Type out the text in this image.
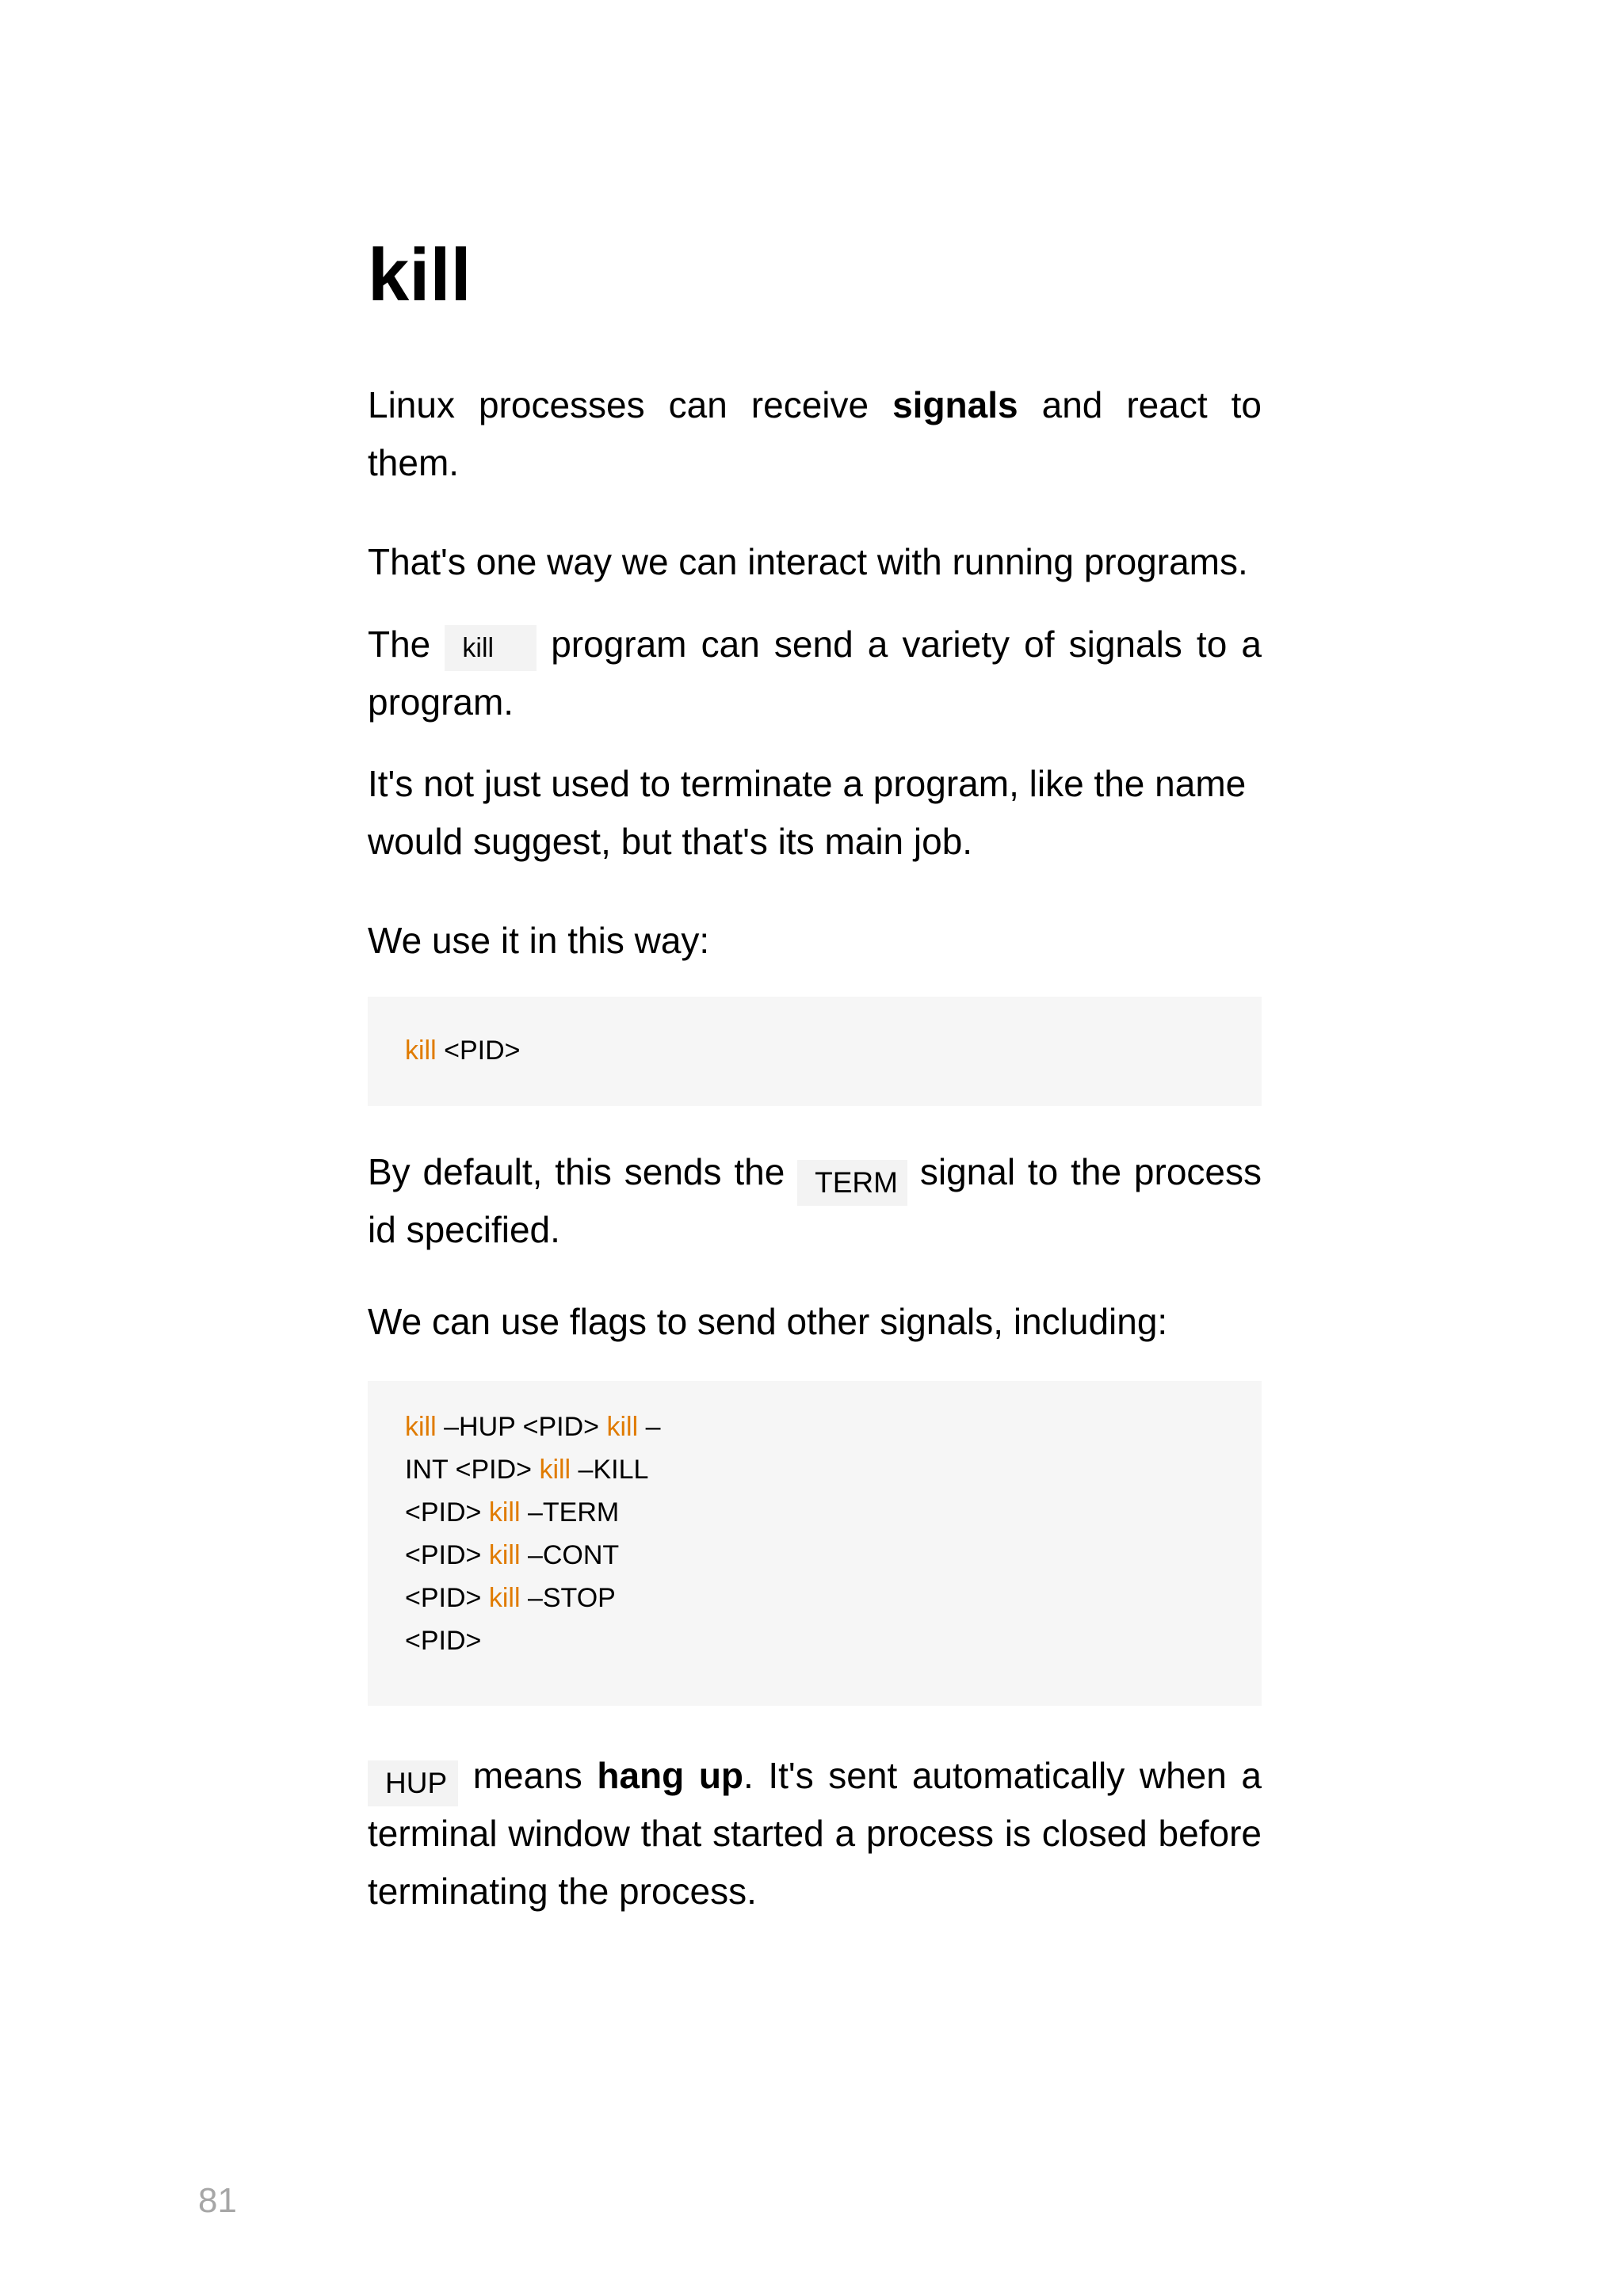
kill

Linux processes can receive signals and react to them.

That's one way we can interact with running programs.

The kill program can send a variety of signals to a program.

It's not just used to terminate a program, like the name would suggest, but that's its main job.

We use it in this way:

kill <PID>

By default, this sends the TERM signal to the process id specified.

We can use flags to send other signals, including:

kill –HUP <PID> kill –
INT <PID> kill –KILL
<PID> kill –TERM
<PID> kill –CONT
<PID> kill –STOP
<PID>

HUP means hang up. It's sent automatically when a terminal window that started a process is closed before terminating the process.

81
